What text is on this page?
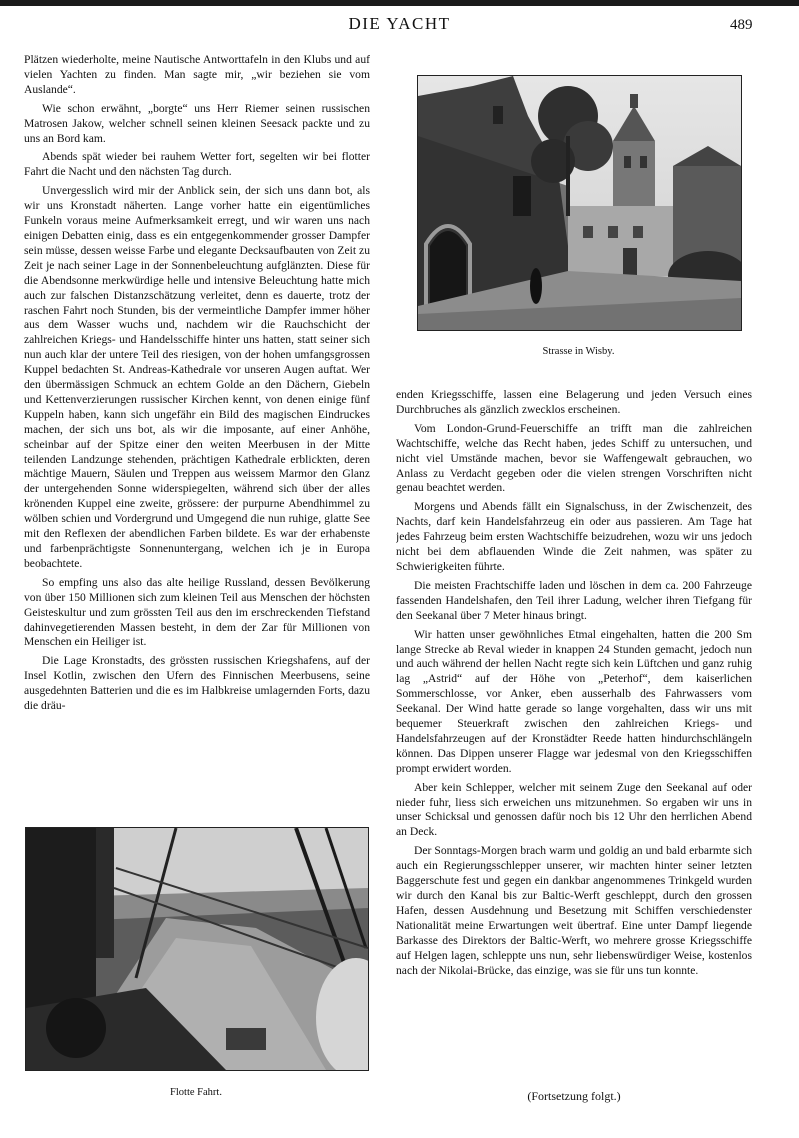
DIE YACHT	489

Plätzen wiederholte, meine Nautische Antworttafeln in den Klubs und auf vielen Yachten zu finden. Man sagte mir, „wir beziehen sie vom Auslande“.

Wie schon erwähnt, „borgte“ uns Herr Riemer seinen russischen Matrosen Jakow, welcher schnell seinen kleinen Seesack packte und zu uns an Bord kam.

Abends spät wieder bei rauhem Wetter fort, segelten wir bei flotter Fahrt die Nacht und den nächsten Tag durch.

Unvergesslich wird mir der Anblick sein, der sich uns dann bot, als wir uns Kronstadt näherten. Lange vorher hatte ein eigentümliches Funkeln voraus meine Aufmerksamkeit erregt, und wir waren uns nach einigen Debatten einig, dass es ein entgegenkommender grosser Dampfer sein müsse, dessen weisse Farbe und elegante Decksaufbauten von Zeit zu Zeit je nach seiner Lage in der Sonnenbeleuchtung aufglänzten. Diese für die Abendsonne merkwürdige helle und intensive Beleuchtung hatte mich auch zur falschen Distanzschätzung verleitet, denn es dauerte, trotz der raschen Fahrt noch Stunden, bis der vermeintliche Dampfer immer höher aus dem Wasser wuchs und, nachdem wir die Rauchschicht der zahlreichen Kriegs- und Handelsschiffe hinter uns hatten, statt seiner sich nun auch klar der untere Teil des riesigen, von der hohen umfangsgrossen Kuppel bedachten St. Andreas-Kathedrale vor unseren Augen auftat. Wer den übermässigen Schmuck an echtem Golde an den Dächern, Giebeln und Kettenverzierungen russischer Kirchen kennt, von denen einige fünf Kuppeln haben, kann sich ungefähr ein Bild des magischen Eindruckes machen, der sich uns bot, als wir die imposante, auf einer Anhöhe, scheinbar auf der Spitze einer den weiten Meerbusen in der Mitte teilenden Landzunge stehenden, prächtigen Kathedrale erblickten, deren mächtige Mauern, Säulen und Treppen aus weissem Marmor den Glanz der untergehenden Sonne widerspiegelten, während sich über der alles krönenden Kuppel eine zweite, grössere: der purpurne Abendhimmel zu wölben schien und Vordergrund und Umgegend die nun ruhige, glatte See mit den Reflexen der abendlichen Farben bildete. Es war der erhabenste und farbenprächtigste Sonnenuntergang, welchen ich je in Europa beobachtete.

So empfing uns also das alte heilige Russland, dessen Bevölkerung von über 150 Millionen sich zum kleinen Teil aus Menschen der höchsten Geisteskultur und zum grössten Teil aus den im erschreckenden Tiefstand dahinvegetierenden Massen besteht, in dem der Zar für Millionen von Menschen ein Heiliger ist.

Die Lage Kronstadts, des grössten russischen Kriegshafens, auf der Insel Kotlin, zwischen den Ufern des Finnischen Meerbusens, seine ausgedehnten Batterien und die es im Halbkreise umlagernden Forts, dazu die dräu-

Strasse in Wisby.

enden Kriegsschiffe, lassen eine Belagerung und jeden Versuch eines Durchbruches als gänzlich zwecklos erscheinen.

Vom London-Grund-Feuerschiffe an trifft man die zahlreichen Wachtschiffe, welche das Recht haben, jedes Schiff zu untersuchen, und nicht viel Umstände machen, bevor sie Waffengewalt gebrauchen, wo Anlass zu Verdacht gegeben oder die vielen strengen Vorschriften nicht genau beachtet werden.

Morgens und Abends fällt ein Signalschuss, in der Zwischenzeit, des Nachts, darf kein Handelsfahrzeug ein oder aus passieren. Am Tage hat jedes Fahrzeug beim ersten Wachtschiffe beizudrehen, wozu wir uns jedoch nicht bei dem abflauenden Winde die Zeit nahmen, was später zu Schwierigkeiten führte.

Die meisten Frachtschiffe laden und löschen in dem ca. 200 Fahrzeuge fassenden Handelshafen, den Teil ihrer Ladung, welcher ihren Tiefgang für den Seekanal über 7 Meter hinaus bringt.

Wir hatten unser gewöhnliches Etmal eingehalten, hatten die 200 Sm lange Strecke ab Reval wieder in knappen 24 Stunden gemacht, jedoch nun und auch während der hellen Nacht regte sich kein Lüftchen und ganz ruhig lag „Astrid“ auf der Höhe von „Peterhof“, dem kaiserlichen Sommerschlosse, vor Anker, eben ausserhalb des Fahrwassers vom Seekanal. Der Wind hatte gerade so lange vorgehalten, dass wir uns mit bequemer Steuerkraft zwischen den zahlreichen Kriegs- und Handelsfahrzeugen auf der Kronstädter Reede hatten hindurchschlängeln können. Das Dippen unserer Flagge war jedesmal von den Kriegsschiffen prompt erwidert worden.

Aber kein Schlepper, welcher mit seinem Zuge den Seekanal auf oder nieder fuhr, liess sich erweichen uns mitzunehmen. So ergaben wir uns in unser Schicksal und genossen dafür noch bis 12 Uhr den herrlichen Abend an Deck.

Der Sonntags-Morgen brach warm und goldig an und bald erbarmte sich auch ein Regierungsschlepper unserer, wir machten hinter seiner letzten Baggerschute fest und gegen ein dankbar angenommenes Trinkgeld wurden wir durch den Kanal bis zur Baltic-Werft geschleppt, durch den grossen Hafen, dessen Ausdehnung und Besetzung mit Schiffen verschiedenster Nationalität meine Erwartungen weit übertraf. Eine unter Dampf liegende Barkasse des Direktors der Baltic-Werft, wo mehrere grosse Kriegsschiffe auf Helgen lagen, schleppte uns nun, sehr liebenswürdiger Weise, kostenlos nach der Nikolai-Brücke, das einzige, was sie für uns tun konnte.

Flotte Fahrt.	(Fortsetzung folgt.)
